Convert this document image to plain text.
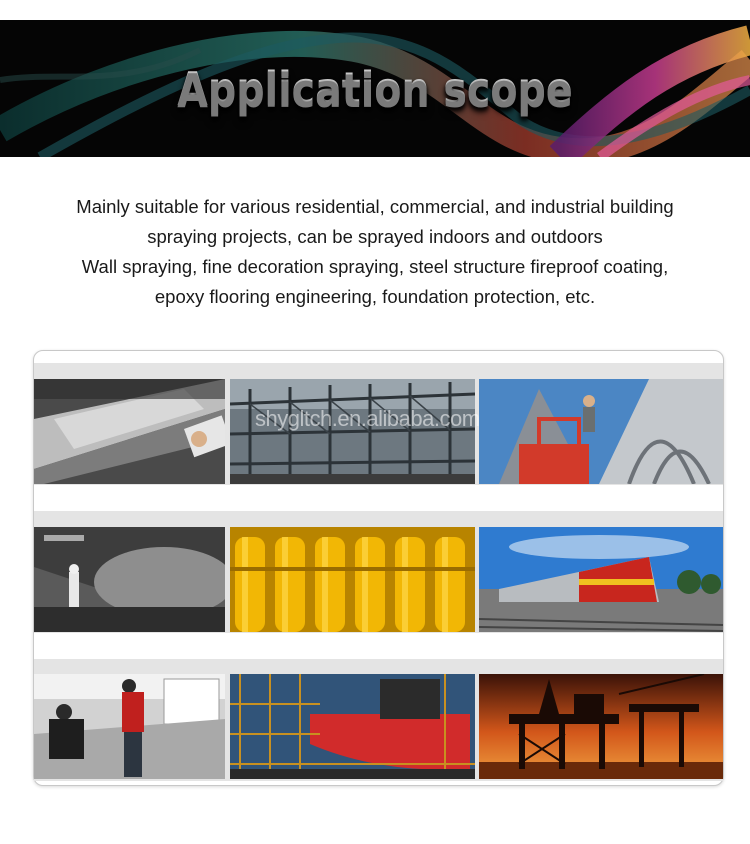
Application scope

Mainly suitable for various residential, commercial, and industrial building

spraying projects, can be sprayed indoors and outdoors

Wall spraying, fine decoration spraying, steel structure fireproof coating,

epoxy flooring engineering, foundation protection, etc.

shygltch.en.alibaba.com
